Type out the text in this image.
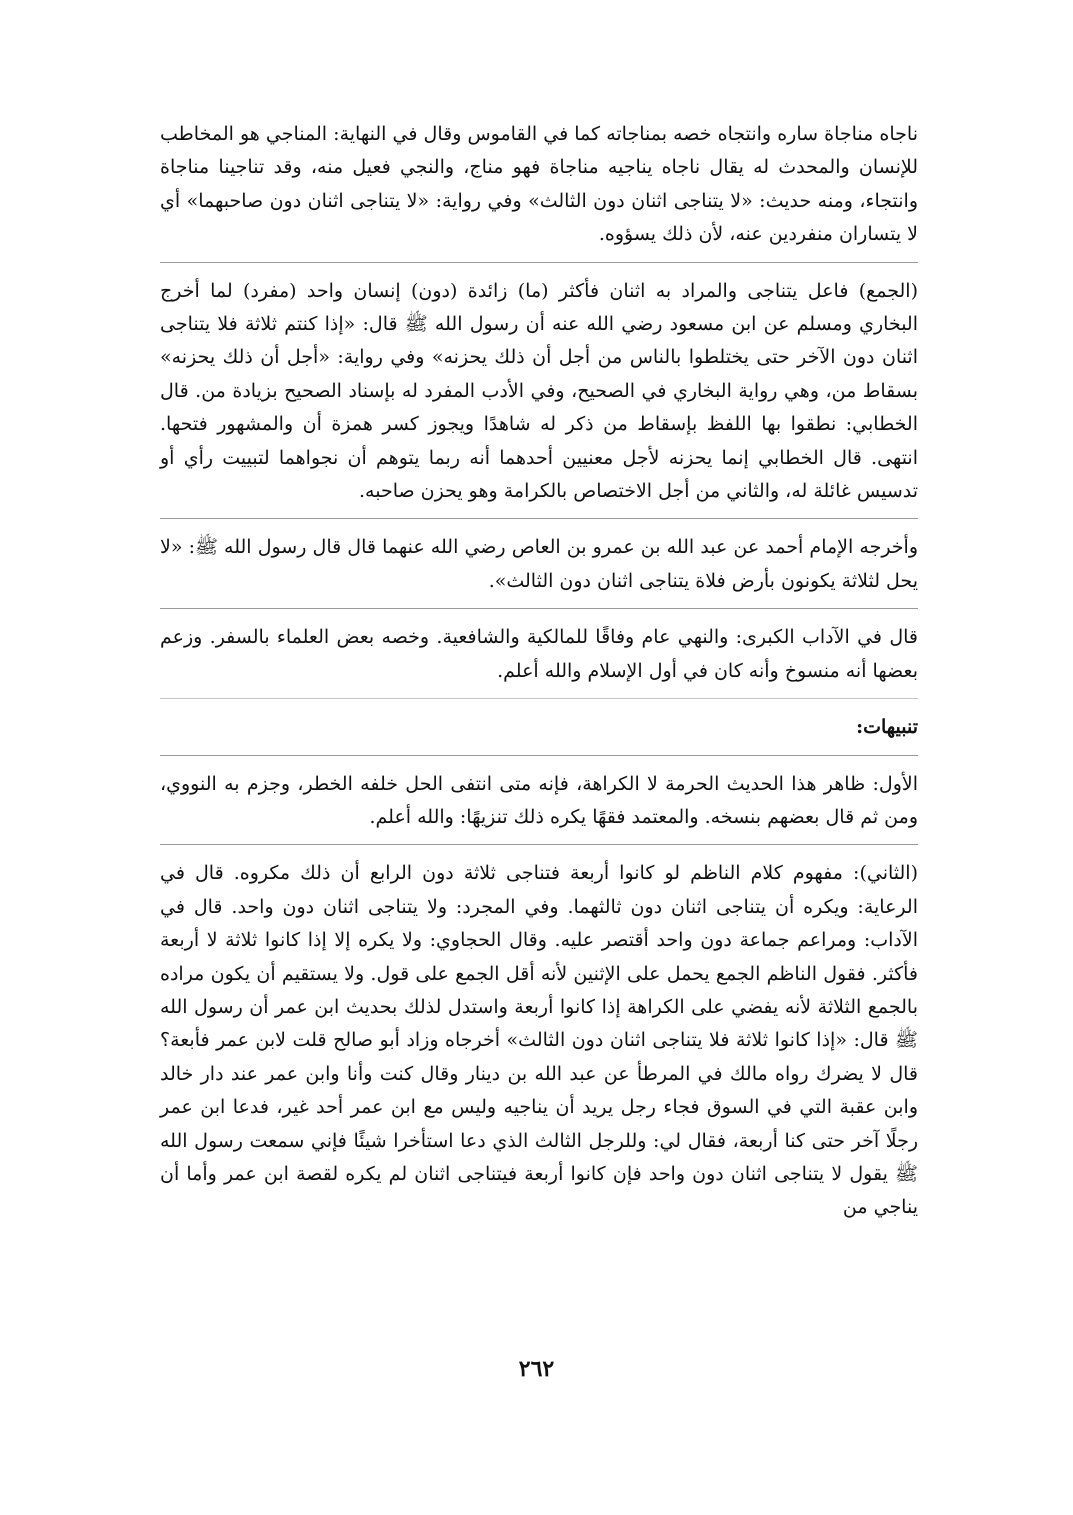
ناجاه مناجاة ساره وانتجاه خصه بمناجاته كما في القاموس وقال في النهاية: المناجي هو المخاطب للإنسان والمحدث له يقال ناجاه يناجيه مناجاة فهو مناج، والنجي فعيل منه، وقد تناجينا مناجاة وانتجاء، ومنه حديث: «لا يتناجى اثنان دون الثالث» وفي رواية: «لا يتناجى اثنان دون صاحبهما» أي لا يتساران منفردين عنه، لأن ذلك يسؤوه.

(الجمع) فاعل يتناجى والمراد به اثنان فأكثر (ما) زائدة (دون) إنسان واحد (مفرد) لما أخرج البخاري ومسلم عن ابن مسعود رضي الله عنه أن رسول الله ﷺ قال: «إذا كنتم ثلاثة فلا يتناجى اثنان دون الآخر حتى يختلطوا بالناس من أجل أن ذلك يحزنه» وفي رواية: «أجل أن ذلك يحزنه» بسقاط من، وهي رواية البخاري في الصحيح، وفي الأدب المفرد له بإسناد الصحيح بزيادة من. قال الخطابي: نطقوا بها اللفظ بإسقاط من ذكر له شاهدًا ويجوز كسر همزة أن والمشهور فتحها. انتهى. قال الخطابي إنما يحزنه لأجل معنيين أحدهما أنه ربما يتوهم أن نجواهما لتبييت رأي أو تدسيس غائلة له، والثاني من أجل الاختصاص بالكرامة وهو يحزن صاحبه.

وأخرجه الإمام أحمد عن عبد الله بن عمرو بن العاص رضي الله عنهما قال قال رسول الله ﷺ: «لا يحل لثلاثة يكونون بأرض فلاة يتناجى اثنان دون الثالث».

قال في الآداب الكبرى: والنهي عام وفاقًا للمالكية والشافعية. وخصه بعض العلماء بالسفر. وزعم بعضها أنه منسوخ وأنه كان في أول الإسلام والله أعلم.

تنبيهات:

الأول: ظاهر هذا الحديث الحرمة لا الكراهة، فإنه متى انتفى الحل خلفه الخطر، وجزم به النووي، ومن ثم قال بعضهم بنسخه. والمعتمد فقهًا يكره ذلك تنزيهًا: والله أعلم.

(الثاني): مفهوم كلام الناظم لو كانوا أربعة فتناجى ثلاثة دون الرابع أن ذلك مكروه. قال في الرعاية: ويكره أن يتناجى اثنان دون ثالثهما. وفي المجرد: ولا يتناجى اثنان دون واحد. قال في الآداب: ومراعم جماعة دون واحد أقتصر عليه. وقال الحجاوي: ولا يكره إلا إذا كانوا ثلاثة لا أربعة فأكثر. فقول الناظم الجمع يحمل على الإثنين لأنه أقل الجمع على قول. ولا يستقيم أن يكون مراده بالجمع الثلاثة لأنه يفضي على الكراهة إذا كانوا أربعة واستدل لذلك بحديث ابن عمر أن رسول الله ﷺ قال: «إذا كانوا ثلاثة فلا يتناجى اثنان دون الثالث» أخرجاه وزاد أبو صالح قلت لابن عمر فأبعة؟ قال لا يضرك رواه مالك في المرطأ عن عبد الله بن دينار وقال كنت وأنا وابن عمر عند دار خالد وابن عقبة التي في السوق فجاء رجل يريد أن يناجيه وليس مع ابن عمر أحد غير، فدعا ابن عمر رجلًا آخر حتى كنا أربعة، فقال لي: وللرجل الثالث الذي دعا استأخرا شيئًا فإني سمعت رسول الله ﷺ يقول لا يتناجى اثنان دون واحد فإن كانوا أربعة فيتناجى اثنان لم يكره لقصة ابن عمر وأما أن يناجي من

٢٦٢
